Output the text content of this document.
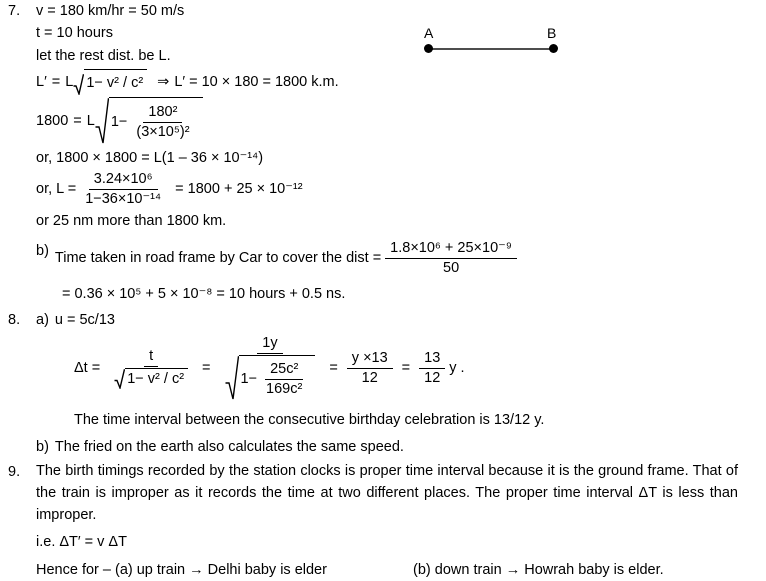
A	B
7.	v = 180 km/hr = 50 m/s
t = 10 hours
let the rest dist. be L.
L′ = L 1− v² / c² ⇒ L′ = 10 × 180 = 1800 k.m.
1800 = L $1- \frac{\text{180²}}{\text{(3×10⁵)²}}$
or, 1800 × 1800 = L(1 – 36 × 10⁻¹⁴)
or, $L = \frac{\text{3.24×10⁶}}{\text{1−36×10⁻¹⁴}} = 1800 + 25 \times 10^{-12}$
or 25 nm more than 1800 km.
b) Time taken in road frame by Car to cover the dist = $\frac{\text{1.8×10⁶ + 25×10⁻⁹}}{50}$
= 0.36 × 10⁵ + 5 × 10⁻⁸ = 10 hours + 0.5 ns.
8.	a) u = 5c/13
$\Delta t = \frac{t}{\text{1− v² / c²}}$ =
1y
$1- \frac{\text{25c²}}{\text{169c²}} = \frac{y \times 13}{12} = \frac{13}{12}$ y .
The time interval between the consecutive birthday celebration is 13/12 y.
b) The fried on the earth also calculates the same speed.
9.	The birth timings recorded by the station clocks is proper time interval because it is the ground frame. That of the train is improper as it records the time at two different places. The proper time interval ΔT is less than improper.
i.e. ΔT′ = v ΔT
Hence for – (a) up train → Delhi baby is elder	(b) down train → Howrah baby is elder.
